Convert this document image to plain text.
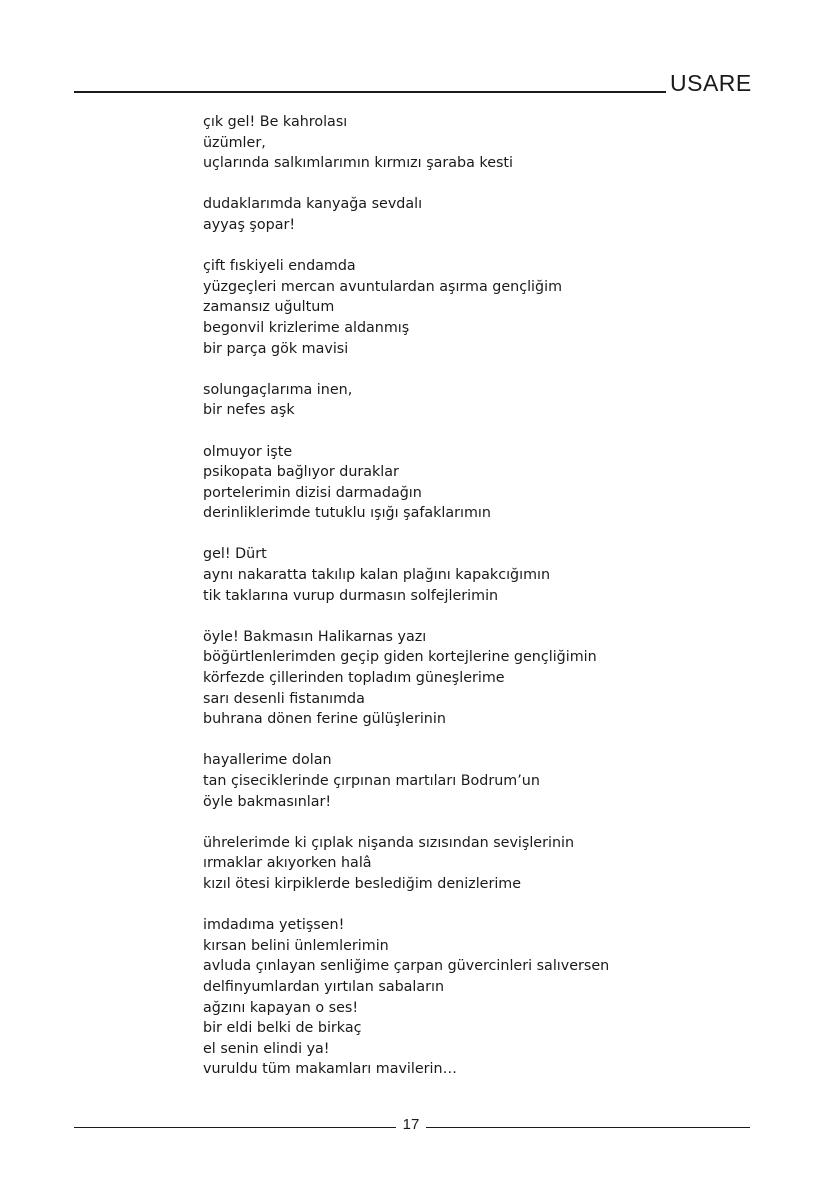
USARE
çık gel! Be kahrolası
üzümler,
uçlarında salkımlarımın kırmızı şaraba kesti
dudaklarımda kanyağa sevdalı
ayyaş şopar!
çift fıskiyeli endamda
yüzgeçleri mercan avuntulardan aşırma gençliğim
zamansız uğultum
begonvil krizlerime aldanmış
bir parça gök mavisi
solungaçlarıma inen,
bir nefes aşk
olmuyor işte
psikopata bağlıyor duraklar
portelerimin dizisi darmadağın
derinliklerimde tutuklu ışığı şafaklarımın
gel! Dürt
aynı nakaratta takılıp kalan plağını kapakcığımın
tik taklarına vurup durmasın solfejlerimin
öyle! Bakmasın Halikarnas yazı
böğürtlenlerimden geçip giden kortejlerine gençliğimin
körfezde çillerinden topladım güneşlerime
sarı desenli fistanımda
buhrana dönen ferine gülüşlerinin
hayallerime dolan
tan çiseciklerinde çırpınan martıları Bodrum’un
öyle bakmasınlar!
ührelerimde ki çıplak nişanda sızısından sevişlerinin
ırmaklar akıyorken halâ
kızıl ötesi kirpiklerde beslediğim denizlerime
imdadıma yetişsen!
kırsan belini ünlemlerimin
avluda çınlayan senliğime çarpan güvercinleri salıversen
delfinyumlardan yırtılan sabaların
ağzını kapayan o ses!
bir eldi belki de birkaç
el senin elindi ya!
vuruldu tüm makamları mavilerin…
17
